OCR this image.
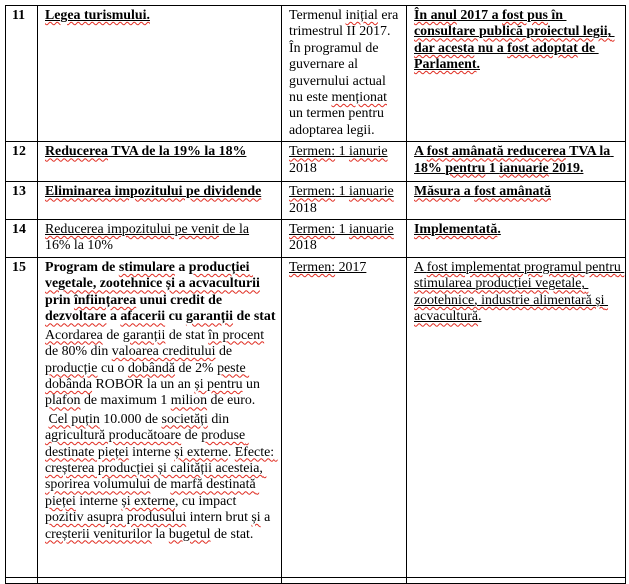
11	Legea turismului.	Termenul inițial era trimestrul II 2017. În programul de guvernare al guvernului actual nu este menționat un termen pentru adoptarea legii.	În anul 2017 a fost pus în consultare publică proiectul legii, dar acesta nu a fost adoptat de Parlament.

12	Reducerea TVA de la 19% la 18%	Termen: 1 ianurie 2018	A fost amânată reducerea TVA la 18% pentru 1 ianuarie 2019.

13	Eliminarea impozitului pe dividende	Termen: 1 ianuarie 2018	Măsura a fost amânată

14	Reducerea impozitului pe venit de la 16% la 10%	Termen: 1 ianuarie 2018	Implementată.

15	Program de stimulare a producției vegetale, zootehnice și a acvaculturii prin înființarea unui credit de dezvoltare a afacerii cu garanții de stat

Acordarea de garanții de stat în procent de 80% din valoarea creditului de producție cu o dobândă de 2% peste dobânda ROBOR la un an și pentru un plafon de maximum 1 milion de euro.

Cel puțin 10.000 de societăți din agricultură producătoare de produse destinate pieței interne și externe. Efecte: creșterea producției și calității acesteia, sporirea volumului de marfă destinată pieței interne și externe, cu impact pozitiv asupra produsului intern brut și a creșterii veniturilor la bugetul de stat.	Termen: 2017	A fost implementat programul pentru stimularea producției vegetale, zootehnice, industrie alimentară și acvacultură.
